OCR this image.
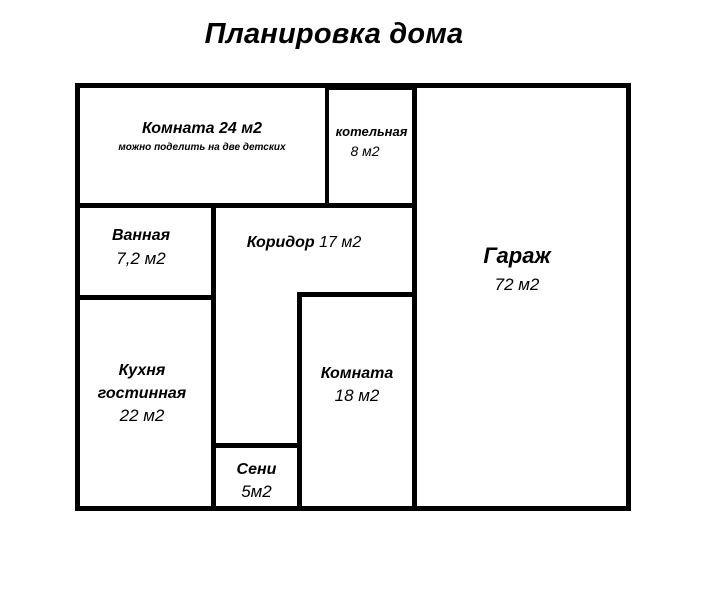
Планировка дома
Комната 24 м2
можно поделить на две детских
котельная
8 м2
Гараж
72 м2
Ванная
7,2 м2
Коридор 17 м2
Кухня
гостинная
22 м2
Комната
18 м2
Сени
5м2
